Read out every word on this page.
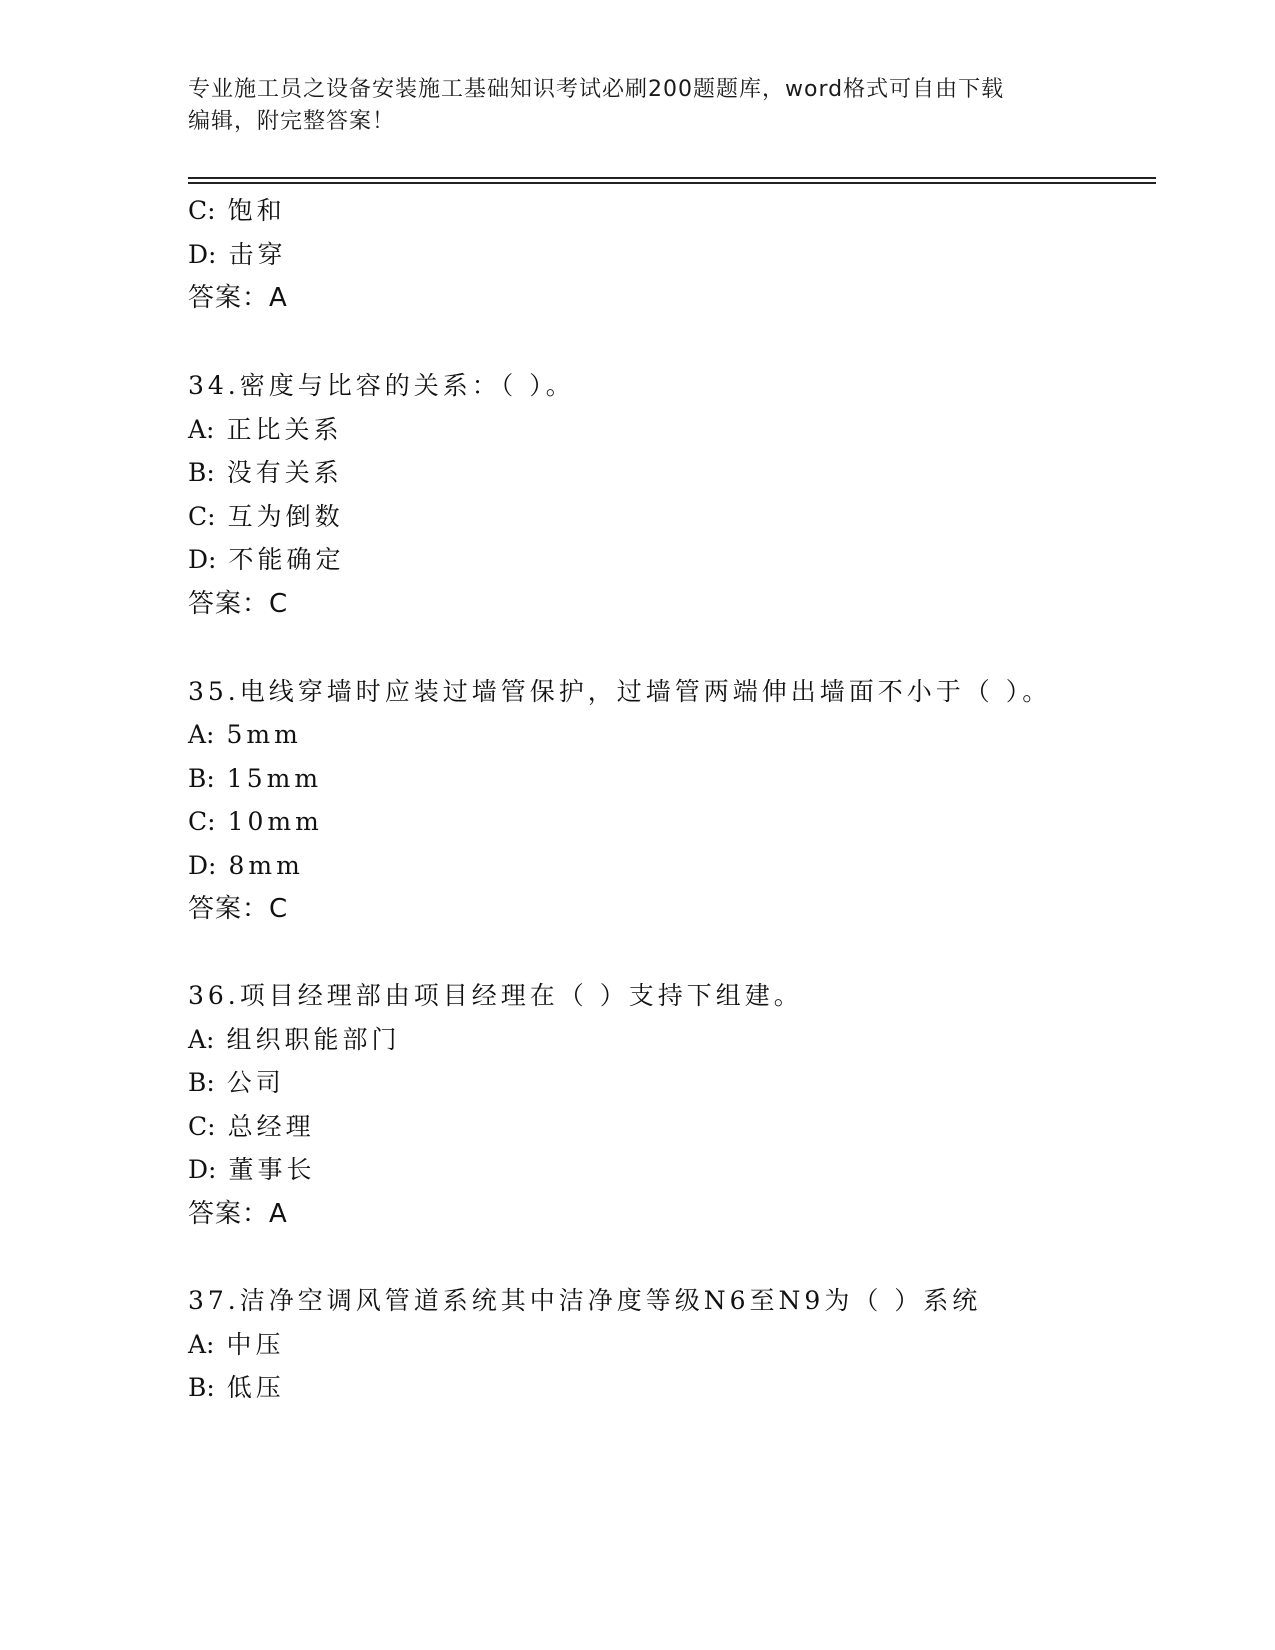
专业施工员之设备安装施工基础知识考试必刷200题题库，word格式可自由下载
编辑，附完整答案！
C: 饱和
D: 击穿
答案：A
34.密度与比容的关系：（ ）。
A: 正比关系
B: 没有关系
C: 互为倒数
D: 不能确定
答案：C
35.电线穿墙时应装过墙管保护，过墙管两端伸出墙面不小于（ ）。
A: 5mm
B: 15mm
C: 10mm
D: 8mm
答案：C
36.项目经理部由项目经理在（ ）支持下组建。
A: 组织职能部门
B: 公司
C: 总经理
D: 董事长
答案：A
37.洁净空调风管道系统其中洁净度等级N6至N9为（ ）系统
A: 中压
B: 低压
